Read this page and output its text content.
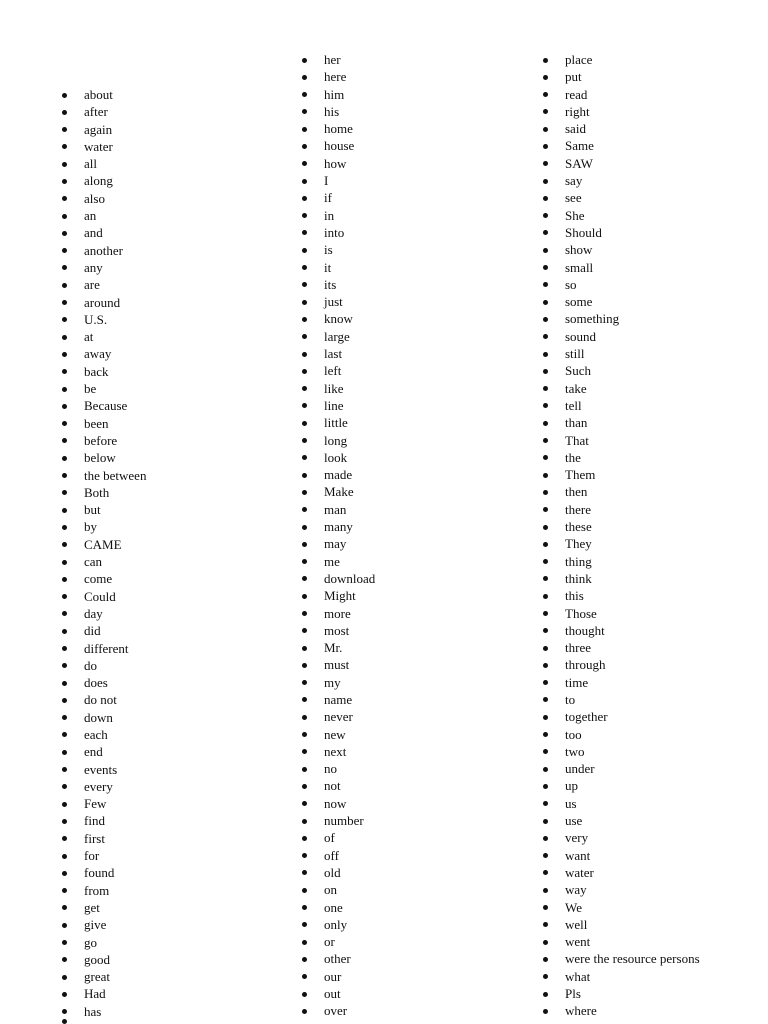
about
after
again
water
all
along
also
an
and
another
any
are
around
U.S.
at
away
back
be
Because
been
before
below
the between
Both
but
by
CAME
can
come
Could
day
did
different
do
does
do not
down
each
end
events
every
Few
find
first
for
found
from
get
give
go
good
great
Had
has
her
here
him
his
home
house
how
I
if
in
into
is
it
its
just
know
large
last
left
like
line
little
long
look
made
Make
man
many
may
me
download
Might
more
most
Mr.
must
my
name
never
new
next
no
not
now
number
of
off
old
on
one
only
or
other
our
out
over
place
put
read
right
said
Same
SAW
say
see
She
Should
show
small
so
some
something
sound
still
Such
take
tell
than
That
the
Them
then
there
these
They
thing
think
this
Those
thought
three
through
time
to
together
too
two
under
up
us
use
very
want
water
way
We
well
went
were the resource persons
what
Pls
where
